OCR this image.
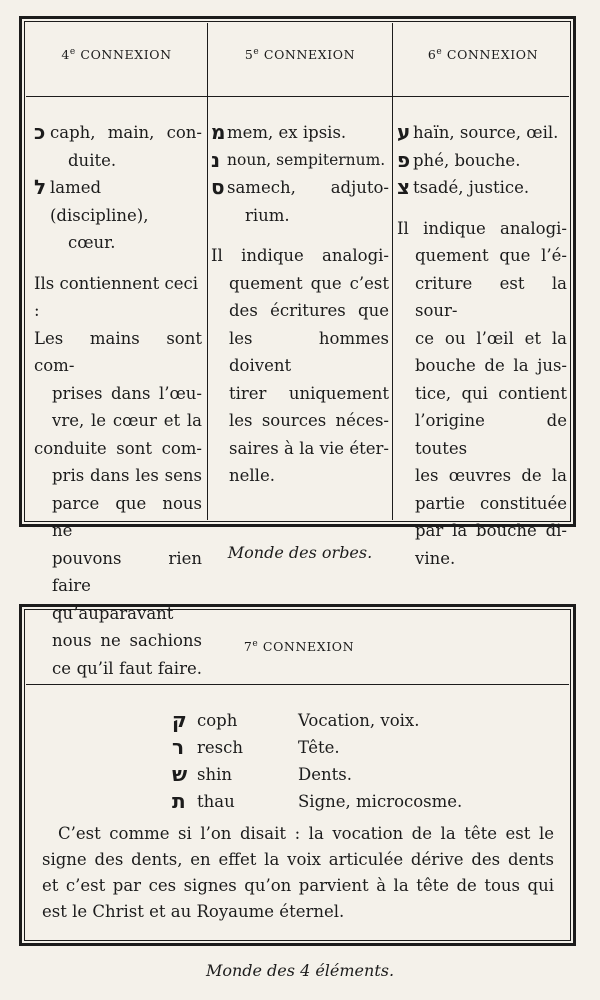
4e CONNEXION	5e CONNEXION	6e CONNEXION
כ caph, main, con-
duite.
ל lamed (discipline),
cœur.
Ils contiennent ceci :
Les mains sont com-
prises dans l’œu-
vre, le cœur et la
conduite sont com-
pris dans les sens
parce que nous ne
pouvons rien faire
qu’auparavant
nous ne sachions
ce qu’il faut faire.
מ mem, ex ipsis.
נ noun, sempiternum.
ס samech, adjuto-
rium.
Il indique analogi-
quement que c’est
des écritures que
les hommes doivent
tirer uniquement
les sources néces-
saires à la vie éter-
nelle.
ע haïn, source, œil.
פ phé, bouche.
צ tsadé, justice.
Il indique analogi-
quement que l’é-
criture est la sour-
ce ou l’œil et la
bouche de la jus-
tice, qui contient
l’origine de toutes
les œuvres de la
partie constituée
par la bouche di-
vine.
Monde des orbes.
7e CONNEXION
ק coph	Vocation, voix.
ר resch	Tête.
ש shin	Dents.
ת thau	Signe, microcosme.
C’est comme si l’on disait : la vocation de la tête est le
signe des dents, en effet la voix articulée dérive des dents
et c’est par ces signes qu’on parvient à la tête de tous qui
est le Christ et au Royaume éternel.
Monde des 4 éléments.
